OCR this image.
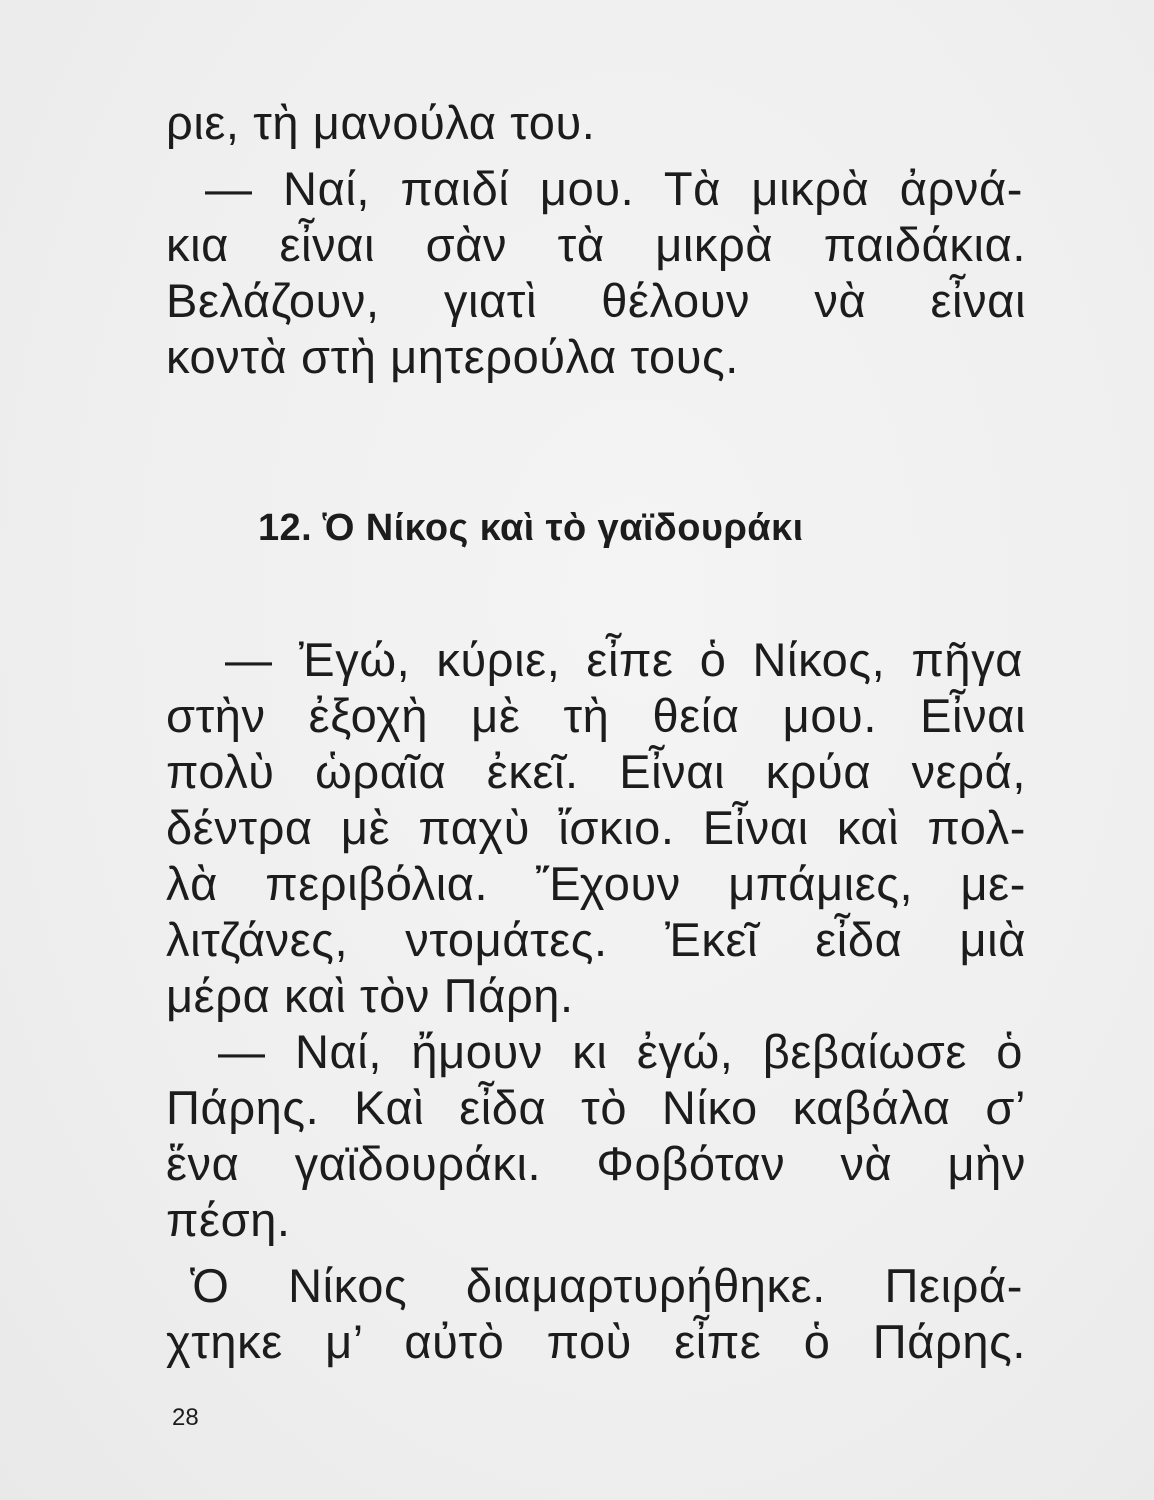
ριε, τὴ μανούλα του.

— Ναί, παιδί μου. Τὰ μικρὰ ἀρνά-

κια εἶναι σὰν τὰ μικρὰ παιδάκια.

Βελάζουν, γιατὶ θέλουν νὰ εἶναι

κοντὰ στὴ μητερούλα τους.

12. Ὁ Νίκος καὶ τὸ γαϊδουράκι

— Ἐγώ, κύριε, εἶπε ὁ Νίκος, πῆγα

στὴν ἐξοχὴ μὲ τὴ θεία μου. Εἶναι

πολὺ ὡραῖα ἐκεῖ. Εἶναι κρύα νερά,

δέντρα μὲ παχὺ ἴσκιο. Εἶναι καὶ πολ-

λὰ περιβόλια. Ἔχουν μπάμιες, με-

λιτζάνες, ντομάτες. Ἐκεῖ εἶδα μιὰ

μέρα καὶ τὸν Πάρη.

— Ναί, ἤμουν κι ἐγώ, βεβαίωσε ὁ

Πάρης. Καὶ εἶδα τὸ Νίκο καβάλα σ’

ἕνα γαϊδουράκι. Φοβόταν νὰ μὴν

πέση.

Ὁ Νίκος διαμαρτυρήθηκε. Πειρά-

χτηκε μ’ αὐτὸ ποὺ εἶπε ὁ Πάρης.

28
